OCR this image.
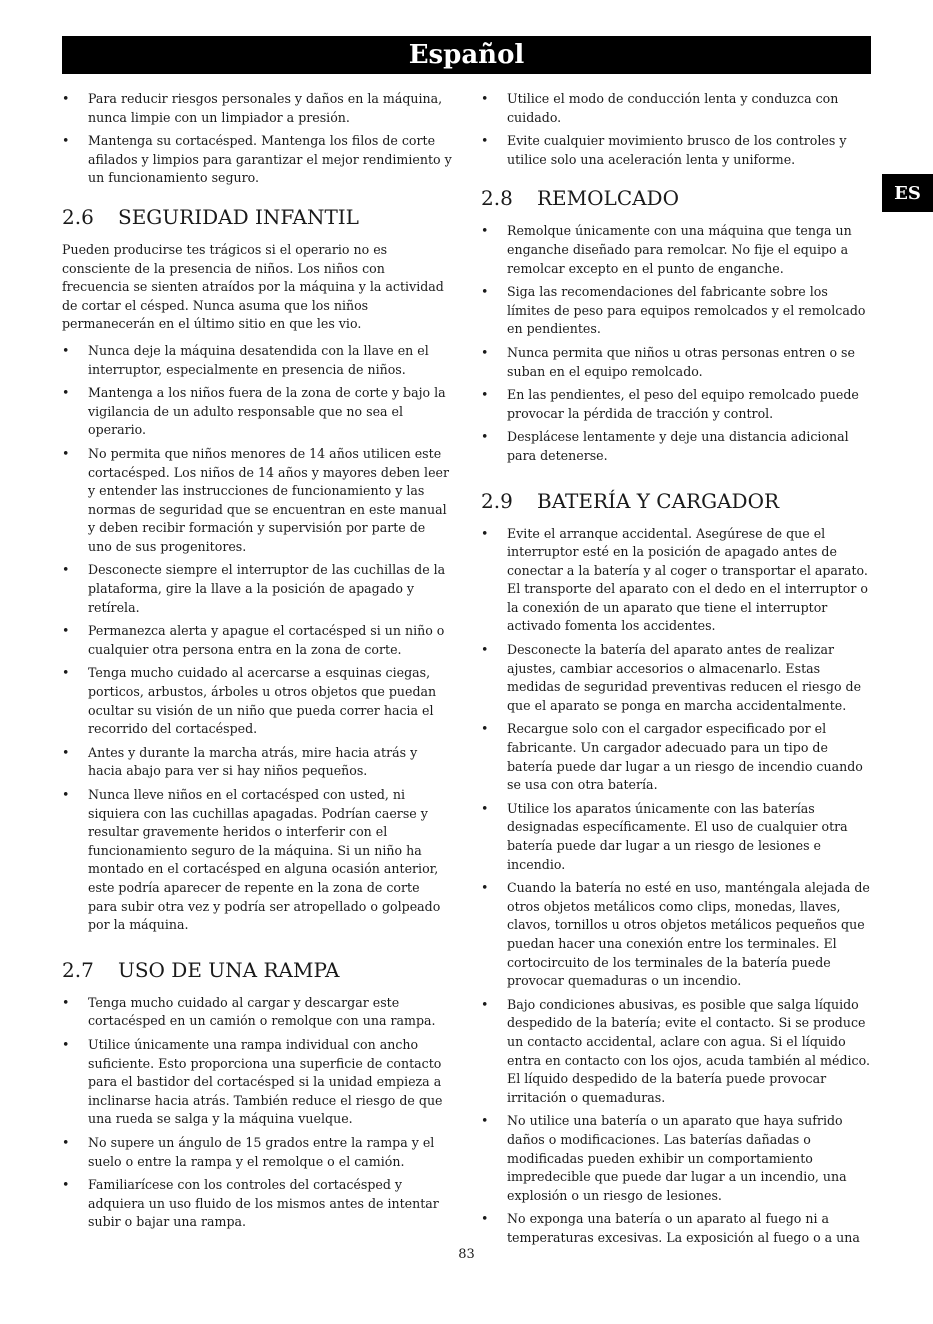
Español
ES
• Para reducir riesgos personales y daños en la máquina, nunca limpie con un limpiador a presión.
• Mantenga su cortacésped. Mantenga los filos de corte afilados y limpios para garantizar el mejor rendimiento y un funcionamiento seguro.
2.6	SEGURIDAD INFANTIL

Pueden producirse tes trágicos si el operario no es consciente de la presencia de niños. Los niños con frecuencia se sienten atraídos por la máquina y la actividad de cortar el césped. Nunca asuma que los niños permanecerán en el último sitio en que les vio.

• Nunca deje la máquina desatendida con la llave en el interruptor, especialmente en presencia de niños.
• Mantenga a los niños fuera de la zona de corte y bajo la vigilancia de un adulto responsable que no sea el operario.
• No permita que niños menores de 14 años utilicen este cortacésped. Los niños de 14 años y mayores deben leer y entender las instrucciones de funcionamiento y las normas de seguridad que se encuentran en este manual y deben recibir formación y supervisión por parte de uno de sus progenitores.
• Desconecte siempre el interruptor de las cuchillas de la plataforma, gire la llave a la posición de apagado y retírela.
• Permanezca alerta y apague el cortacésped si un niño o cualquier otra persona entra en la zona de corte.
• Tenga mucho cuidado al acercarse a esquinas ciegas, porticos, arbustos, árboles u otros objetos que puedan ocultar su visión de un niño que pueda correr hacia el recorrido del cortacésped.
• Antes y durante la marcha atrás, mire hacia atrás y hacia abajo para ver si hay niños pequeños.
• Nunca lleve niños en el cortacésped con usted, ni siquiera con las cuchillas apagadas. Podrían caerse y resultar gravemente heridos o interferir con el funcionamiento seguro de la máquina. Si un niño ha montado en el cortacésped en alguna ocasión anterior, este podría aparecer de repente en la zona de corte para subir otra vez y podría ser atropellado o golpeado por la máquina.
2.7	USO DE UNA RAMPA
• Tenga mucho cuidado al cargar y descargar este cortacésped en un camión o remolque con una rampa.
• Utilice únicamente una rampa individual con ancho suficiente. Esto proporciona una superficie de contacto para el bastidor del cortacésped si la unidad empieza a inclinarse hacia atrás. También reduce el riesgo de que una rueda se salga y la máquina vuelque.
• No supere un ángulo de 15 grados entre la rampa y el suelo o entre la rampa y el remolque o el camión.
• Familiarícese con los controles del cortacésped y adquiera un uso fluido de los mismos antes de intentar subir o bajar una rampa.
• Utilice el modo de conducción lenta y conduzca con cuidado.
• Evite cualquier movimiento brusco de los controles y utilice solo una aceleración lenta y uniforme.
2.8	REMOLCADO
• Remolque únicamente con una máquina que tenga un enganche diseñado para remolcar. No fije el equipo a remolcar excepto en el punto de enganche.
• Siga las recomendaciones del fabricante sobre los límites de peso para equipos remolcados y el remolcado en pendientes.
• Nunca permita que niños u otras personas entren o se suban en el equipo remolcado.
• En las pendientes, el peso del equipo remolcado puede provocar la pérdida de tracción y control.
• Desplácese lentamente y deje una distancia adicional para detenerse.
2.9	BATERÍA Y CARGADOR
• Evite el arranque accidental. Asegúrese de que el interruptor esté en la posición de apagado antes de conectar a la batería y al coger o transportar el aparato. El transporte del aparato con el dedo en el interruptor o la conexión de un aparato que tiene el interruptor activado fomenta los accidentes.
• Desconecte la batería del aparato antes de realizar ajustes, cambiar accesorios o almacenarlo. Estas medidas de seguridad preventivas reducen el riesgo de que el aparato se ponga en marcha accidentalmente.
• Recargue solo con el cargador especificado por el fabricante. Un cargador adecuado para un tipo de batería puede dar lugar a un riesgo de incendio cuando se usa con otra batería.
• Utilice los aparatos únicamente con las baterías designadas específicamente. El uso de cualquier otra batería puede dar lugar a un riesgo de lesiones e incendio.
• Cuando la batería no esté en uso, manténgala alejada de otros objetos metálicos como clips, monedas, llaves, clavos, tornillos u otros objetos metálicos pequeños que puedan hacer una conexión entre los terminales. El cortocircuito de los terminales de la batería puede provocar quemaduras o un incendio.
• Bajo condiciones abusivas, es posible que salga líquido despedido de la batería; evite el contacto. Si se produce un contacto accidental, aclare con agua. Si el líquido entra en contacto con los ojos, acuda también al médico. El líquido despedido de la batería puede provocar irritación o quemaduras.
• No utilice una batería o un aparato que haya sufrido daños o modificaciones. Las baterías dañadas o modificadas pueden exhibir un comportamiento impredecible que puede dar lugar a un incendio, una explosión o un riesgo de lesiones.
• No exponga una batería o un aparato al fuego ni a temperaturas excesivas. La exposición al fuego o a una
83
